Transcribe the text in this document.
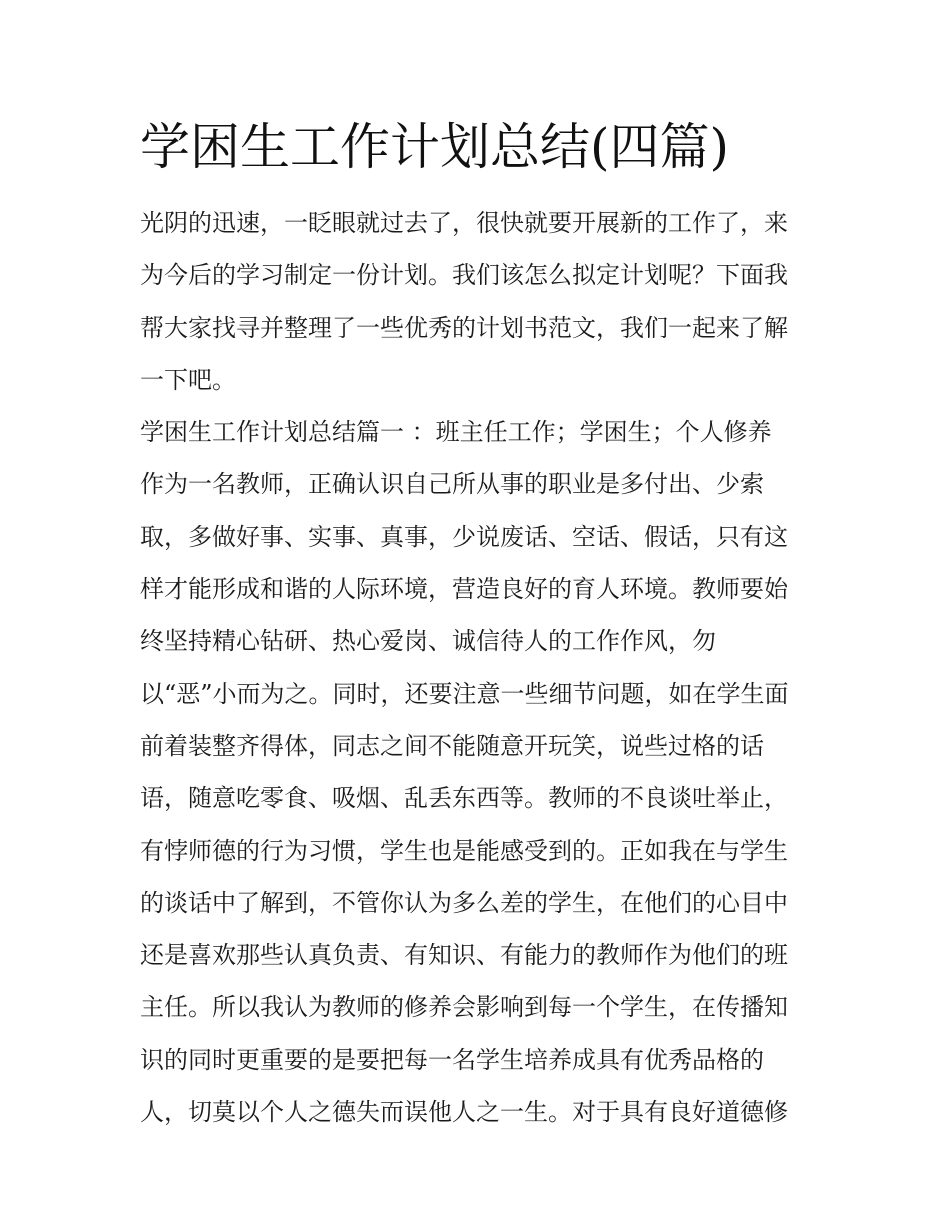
学困生工作计划总结(四篇)
光阴的迅速，一眨眼就过去了，很快就要开展新的工作了，来
为今后的学习制定一份计划。我们该怎么拟定计划呢？下面我
帮大家找寻并整理了一些优秀的计划书范文，我们一起来了解
一下吧。
学困生工作计划总结篇一 ：班主任工作；学困生；个人修养
作为一名教师，正确认识自己所从事的职业是多付出、少索
取，多做好事、实事、真事，少说废话、空话、假话，只有这
样才能形成和谐的人际环境，营造良好的育人环境。教师要始
终坚持精心钻研、热心爱岗、诚信待人的工作作风，勿
以“恶”小而为之。同时，还要注意一些细节问题，如在学生面
前着装整齐得体，同志之间不能随意开玩笑，说些过格的话
语，随意吃零食、吸烟、乱丢东西等。教师的不良谈吐举止，
有悖师德的行为习惯，学生也是能感受到的。正如我在与学生
的谈话中了解到，不管你认为多么差的学生，在他们的心目中
还是喜欢那些认真负责、有知识、有能力的教师作为他们的班
主任。所以我认为教师的修养会影响到每一个学生，在传播知
识的同时更重要的是要把每一名学生培养成具有优秀品格的
人，切莫以个人之德失而误他人之一生。对于具有良好道德修
